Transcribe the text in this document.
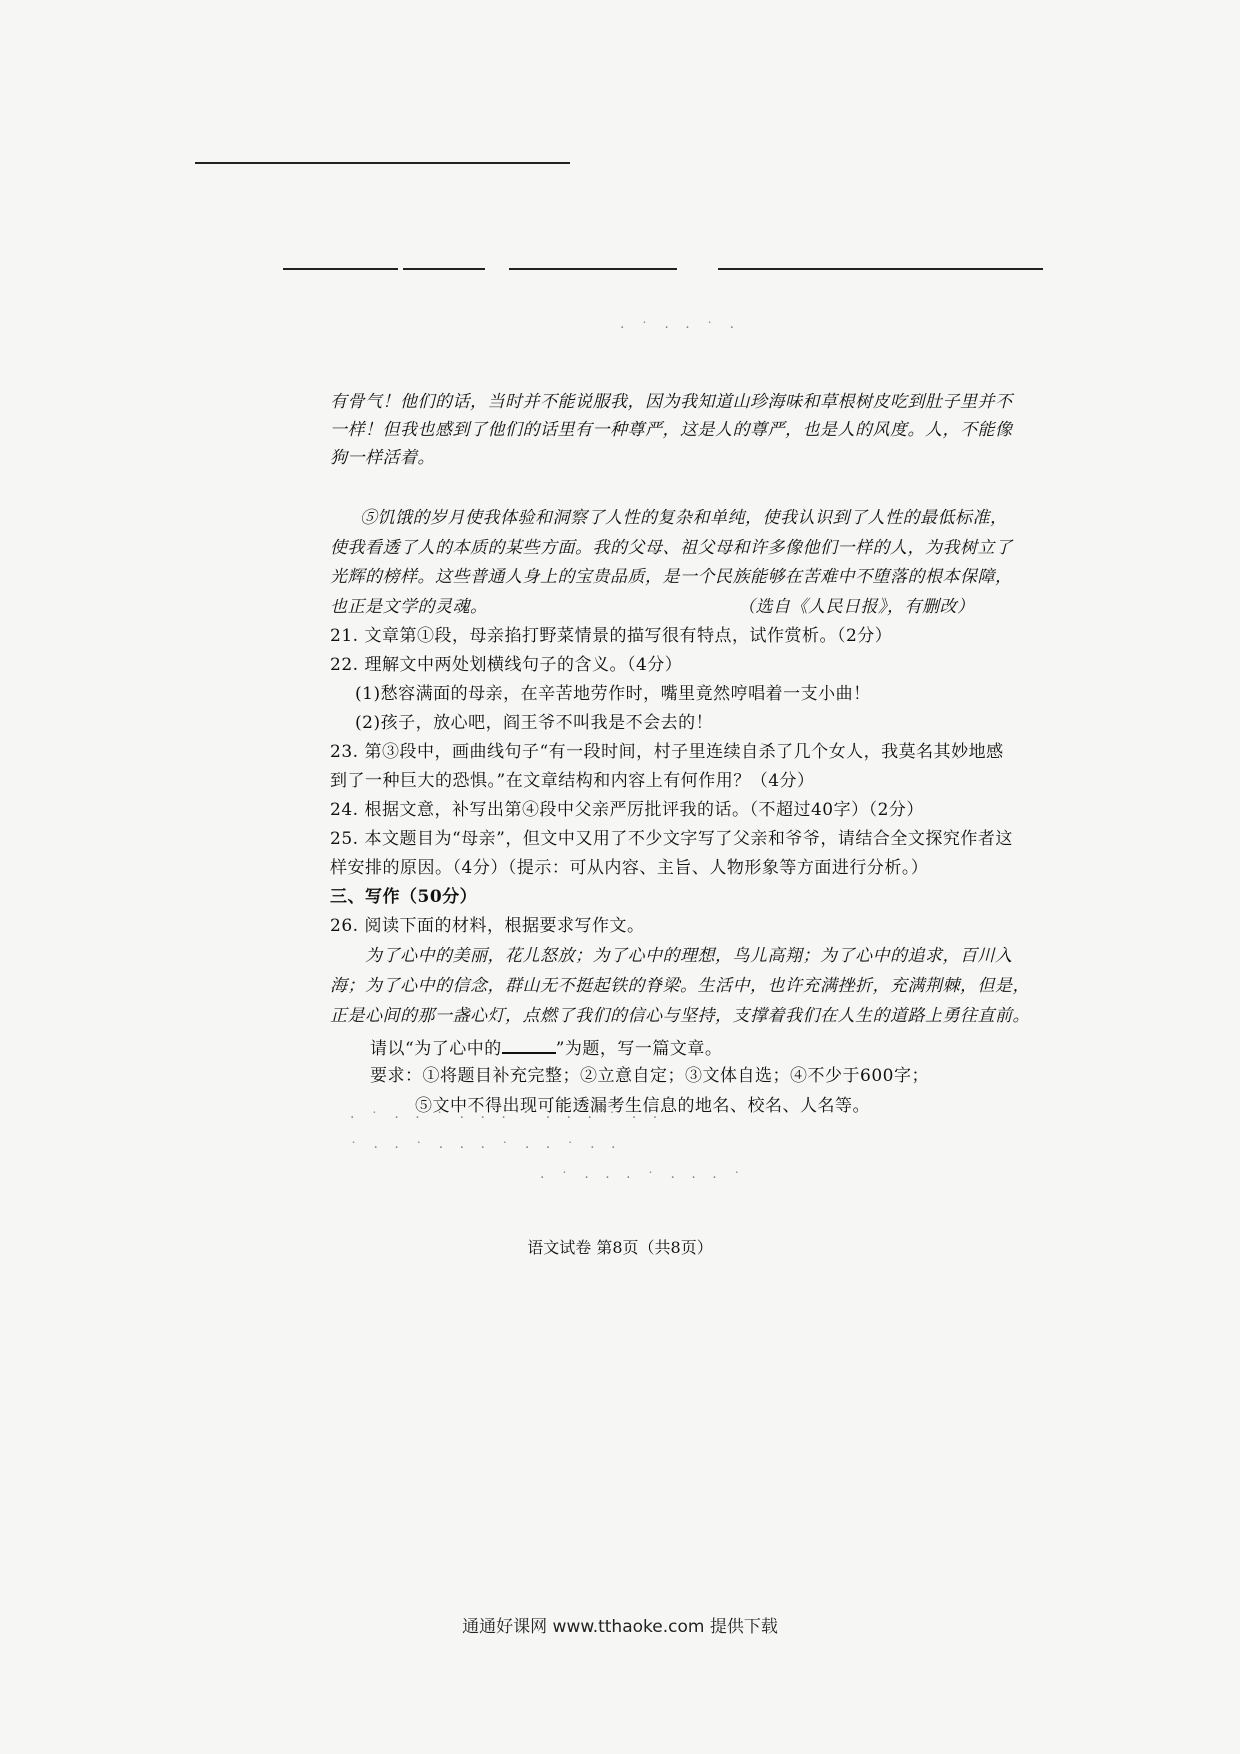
· ˙ · · ˙ ·
· ˙ · · ˙ · · · ˙ · · · ˙ · ·
˙ · · ˙ · · · ˙ · · ˙ · ·
· ˙ · · · ˙ · · · ˙
有骨气！他们的话，当时并不能说服我，因为我知道山珍海味和草根树皮吃到肚子里并不
一样！但我也感到了他们的话里有一种尊严，这是人的尊严，也是人的风度。人，不能像
狗一样活着。
⑤饥饿的岁月使我体验和洞察了人性的复杂和单纯，使我认识到了人性的最低标准，
使我看透了人的本质的某些方面。我的父母、祖父母和许多像他们一样的人，为我树立了
光辉的榜样。这些普通人身上的宝贵品质，是一个民族能够在苦难中不堕落的根本保障，
也正是文学的灵魂。	（选自《人民日报》，有删改）
21. 文章第①段，母亲掐打野菜情景的描写很有特点，试作赏析。（2分）
22. 理解文中两处划横线句子的含义。（4分）
(1)愁容满面的母亲，在辛苦地劳作时，嘴里竟然哼唱着一支小曲！
(2)孩子，放心吧，阎王爷不叫我是不会去的！
23. 第③段中，画曲线句子“有一段时间，村子里连续自杀了几个女人，我莫名其妙地感
到了一种巨大的恐惧。”在文章结构和内容上有何作用？（4分）
24. 根据文意，补写出第④段中父亲严厉批评我的话。（不超过40字）（2分）
25. 本文题目为“母亲”，但文中又用了不少文字写了父亲和爷爷，请结合全文探究作者这
样安排的原因。（4分）（提示：可从内容、主旨、人物形象等方面进行分析。）
三、写作（50分）
26. 阅读下面的材料，根据要求写作文。
为了心中的美丽，花儿怒放；为了心中的理想，鸟儿高翔；为了心中的追求，百川入
海；为了心中的信念，群山无不挺起铁的脊梁。生活中，也许充满挫折，充满荆棘，但是，
正是心间的那一盏心灯，点燃了我们的信心与坚持，支撑着我们在人生的道路上勇往直前。
请以“为了心中的	”为题，写一篇文章。
要求：①将题目补充完整；②立意自定；③文体自选；④不少于600字；
⑤文中不得出现可能透漏考生信息的地名、校名、人名等。
语文试卷 第8页（共8页）
通通好课网 www.tthaoke.com 提供下载
